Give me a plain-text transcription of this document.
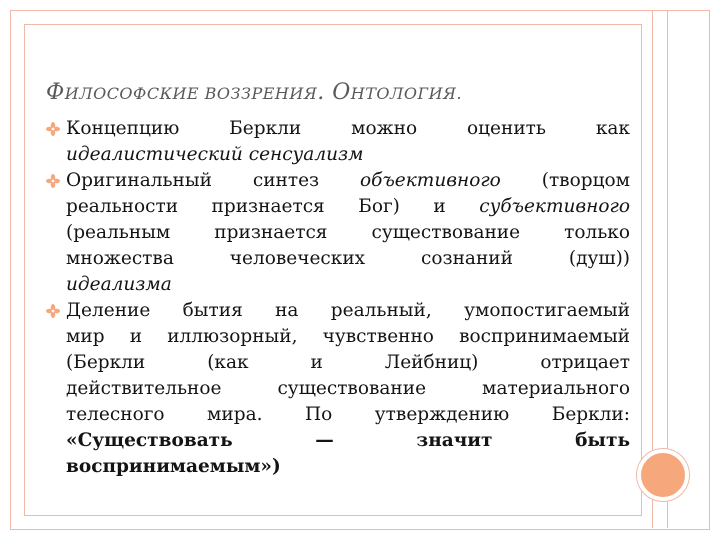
ФИЛОСОФСКИЕ ВОЗЗРЕНИЯ. ОНТОЛОГИЯ.
Концепцию Беркли можно оценить как
идеалистический сенсуализм
Оригинальный синтез объективного (творцом
реальности признается Бог) и субъективного
(реальным признается существование только
множества человеческих сознаний (душ))
идеализма
Деление бытия на реальный, умопостигаемый
мир и иллюзорный, чувственно воспринимаемый
(Беркли (как и Лейбниц) отрицает
действительное существование материального
телесного мира. По утверждению Беркли:
«Существовать — значит быть
воспринимаемым»)
